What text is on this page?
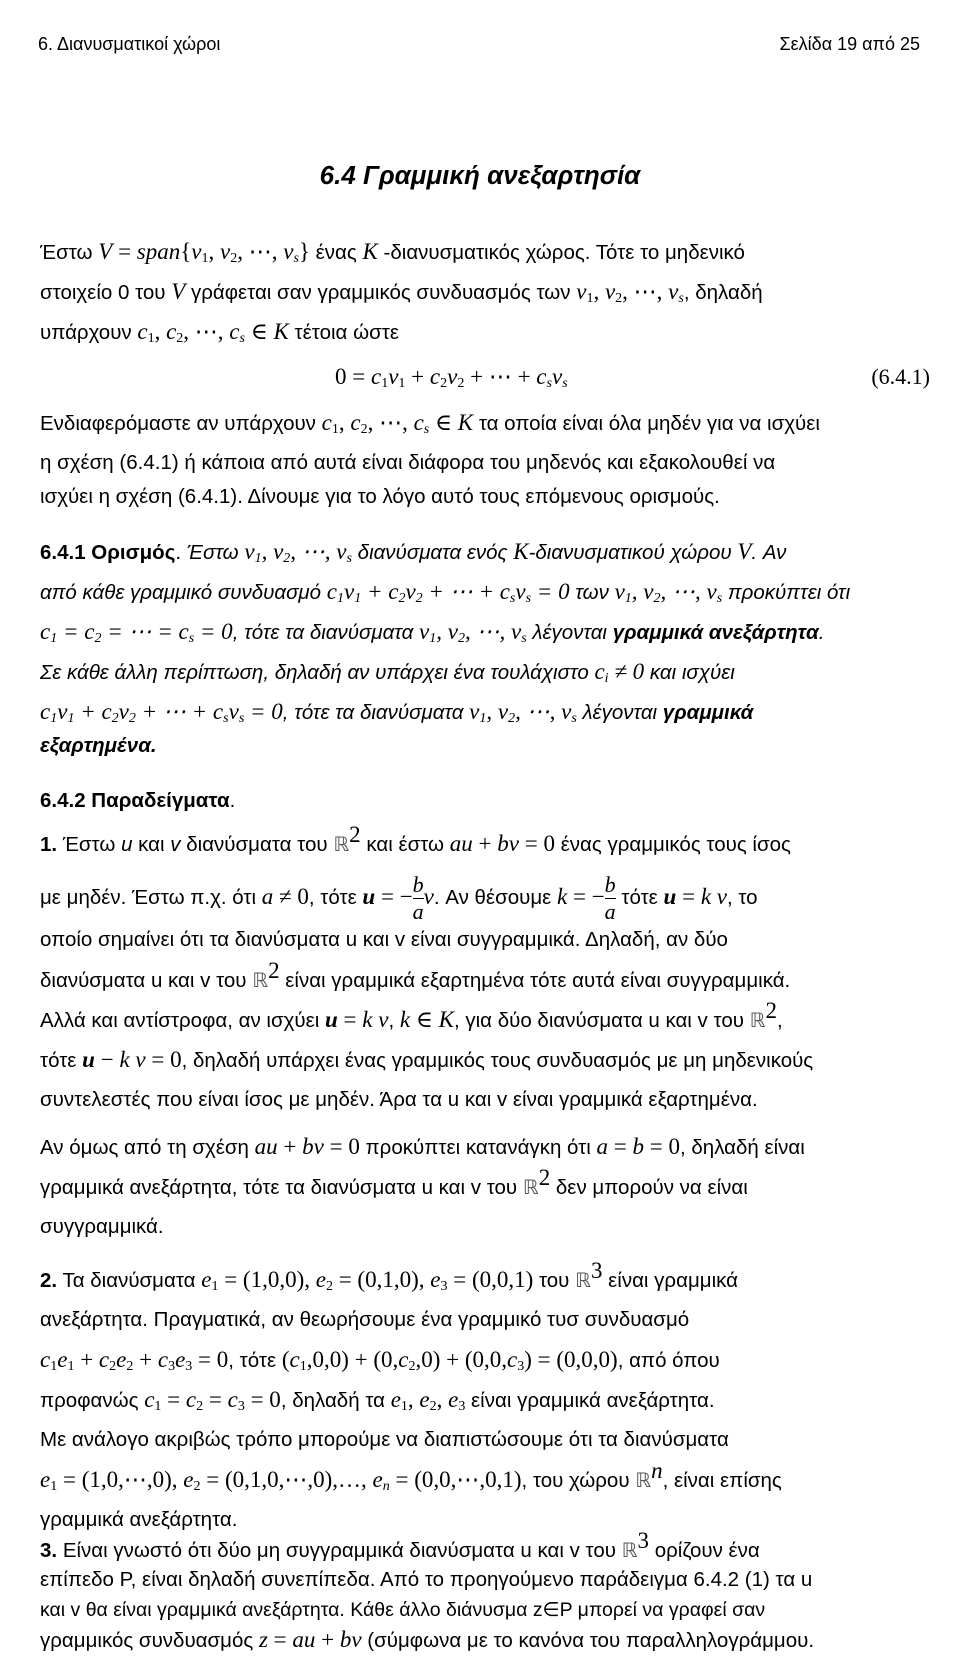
6. Διανυσματικοί χώροι	Σελίδα 19 από 25
6.4 Γραμμική ανεξαρτησία
Έστω $V = span\{v_1$, $v_2$, ⋯, $v_s$} ένας K -διανυσματικός χώρος. Τότε το μηδενικό
στοιχείο 0 του V γράφεται σαν γραμμικός συνδυασμός των $v_1$, $v_2$, ⋯, $v_s$, δηλαδή
υπάρχουν $c_1$, $c_2$, ⋯, $c_s$ ∈ K τέτοια ώστε
$0 = c_1v_1 + c_2v_2$ + ⋯ + $c_sv_s$	(6.4.1)
Ενδιαφερόμαστε αν υπάρχουν $c_1$, $c_2$, ⋯, $c_s$ ∈ K τα οποία είναι όλα μηδέν για να ισχύει
η σχέση (6.4.1) ή κάποια από αυτά είναι διάφορα του μηδενός και εξακολουθεί να
ισχύει η σχέση (6.4.1). Δίνουμε για το λόγο αυτό τους επόμενους ορισμούς.
6.4.1 Ορισμός. Έστω $v_1$, $v_2$, ⋯, $v_s$ διανύσματα ενός K-διανυσματικού χώρου V. Αν
από κάθε γραμμικό συνδυασμό $c_1v_1 + c_2v_2$ + ⋯ + $c_sv_s = 0$ των $v_1$, $v_2$, ⋯, $v_s$ προκύπτει ότι
$c_1 = c_2$ = ⋯ = $c_s = 0$, τότε τα διανύσματα $v_1$, $v_2$, ⋯, $v_s$ λέγονται γραμμικά ανεξάρτητα.
Σε κάθε άλλη περίπτωση, δηλαδή αν υπάρχει ένα τουλάχιστο $c_i \ne 0$ και ισχύει
$c_1v_1 + c_2v_2$ + ⋯ + $c_sv_s = 0$, τότε τα διανύσματα $v_1$, $v_2$, ⋯, $v_s$ λέγονται γραμμικά
εξαρτημένα.
6.4.2 Παραδείγματα.
1. Έστω u και v διανύσματα του ℝ$^2$ και έστω au + bv = 0 ένας γραμμικός τους ίσος
με μηδέν. Έστω π.χ. ότι a ≠ 0, τότε u = − $\frac{b}{a} v$. Αν θέσουμε k = − $\frac{b}{a}$ τότε u = k v, το
οποίο σημαίνει ότι τα διανύσματα u και v είναι συγγραμμικά. Δηλαδή, αν δύο
διανύσματα u και v του ℝ$^2$ είναι γραμμικά εξαρτημένα τότε αυτά είναι συγγραμμικά.
Αλλά και αντίστροφα, αν ισχύει u = k v, k ∈ K, για δύο διανύσματα u και v του ℝ$^2$,
τότε u − k v = 0, δηλαδή υπάρχει ένας γραμμικός τους συνδυασμός με μη μηδενικούς
συντελεστές που είναι ίσος με μηδέν. Άρα τα u και v είναι γραμμικά εξαρτημένα.
Αν όμως από τη σχέση au + bv = 0 προκύπτει κατανάγκη ότι a = b = 0, δηλαδή είναι
γραμμικά ανεξάρτητα, τότε τα διανύσματα u και v του ℝ$^2$ δεν μπορούν να είναι
συγγραμμικά.
2. Τα διανύσματα $e_1 = (1,0,0)$, $e_2 = (0,1,0)$, $e_3 = (0,0,1)$ του ℝ$^3$ είναι γραμμικά
ανεξάρτητα. Πραγματικά, αν θεωρήσουμε ένα γραμμικό τυσ συνδυασμό
$c_1e_1 + c_2e_2 + c_3e_3 = 0$, τότε $(c_1,0,0) + (0,c_2,0) + (0,0,c_3) = (0,0,0)$, από όπου
προφανώς $c_1 = c_2 = c_3 = 0$, δηλαδή τα $e_1$, $e_2$, $e_3$ είναι γραμμικά ανεξάρτητα.
Με ανάλογο ακριβώς τρόπο μπορούμε να διαπιστώσουμε ότι τα διανύσματα
$e_1$ = (1,0,⋯,0), $e_2$ = (0,1,0,⋯,0),…, $e_n$ = (0,0,⋯,0,1), του χώρου ℝ$^n$, είναι επίσης
γραμμικά ανεξάρτητα.
3. Είναι γνωστό ότι δύο μη συγγραμμικά διανύσματα u και v του ℝ$^3$ ορίζουν ένα
επίπεδο P, είναι δηλαδή συνεπίπεδα. Από το προηγούμενο παράδειγμα 6.4.2 (1) τα u
και v θα είναι γραμμικά ανεξάρτητα. Κάθε άλλο διάνυσμα z∈P μπορεί να γραφεί σαν
γραμμικός συνδυασμός z = au + bv (σύμφωνα με το κανόνα του παραλληλογράμμου.
